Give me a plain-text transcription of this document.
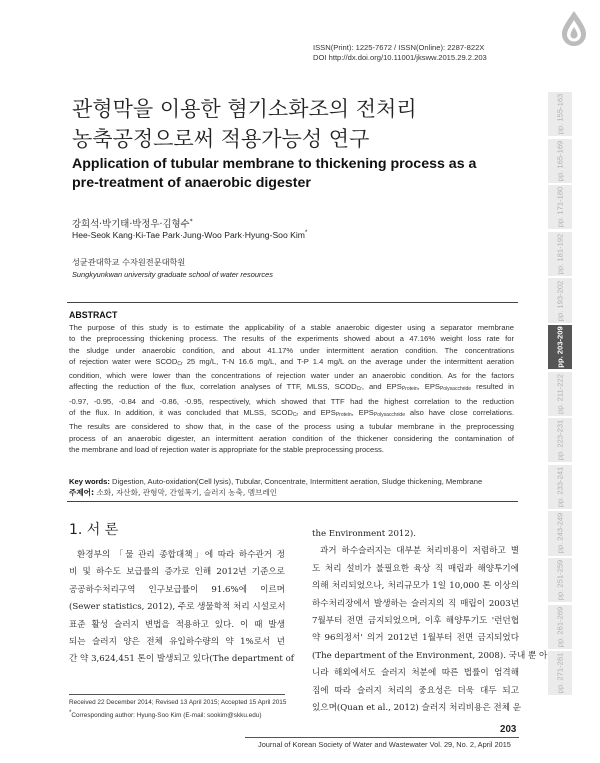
ISSN(Print): 1225-7672 / ISSN(Online): 2287-822X
DOI http://dx.doi.org/10.11001/jksww.2015.29.2.203
관형막을 이용한 혐기소화조의 전처리
농축공정으로써 적용가능성 연구
Application of tubular membrane to thickening process as a
pre-treatment of anaerobic digester
강희석·박기태·박정우·김형수*
Hee-Seok Kang·Ki-Tae Park·Jung-Woo Park·Hyung-Soo Kim*
성균관대학교 수자원전문대학원
Sungkyunkwan university graduate school of water resources
ABSTRACT
The purpose of this study is to estimate the applicability of a stable anaerobic digester using a separator membrane
to the preprocessing thickening process. The results of the experiments showed about a 47.16% weight loss rate for
the sludge under anaerobic condition, and about 41.17% under intermittent aeration condition. The concentrations
of rejection water were $SCOD_{Cr}$ 25 mg/L, T-N 16.6 mg/L, and T-P 1.4 mg/L on the average under the intermittent aeration
condition, which were lower than the concentrations of rejection water under an anaerobic condition. As for the factors
affecting the reduction of the flux, correlation analyses of TTF, MLSS, $SCOD_{Cr}$, and $EPS_{Protein}$, $EPS_{Polysacchride}$ resulted in
-0.97, -0.95, -0.84 and -0.86, -0.95, respectively, which showed that TTF had the highest correlation to the reduction
of the flux. In addition, it was concluded that MLSS, $SCOD_{Cr}$ and $EPS_{Protein}$, $EPS_{Polysacchride}$ also have close correlations.
The results are considered to show that, in the case of the process using a tubular membrane in the preprocessing
process of an anaerobic digester, an intermittent aeration condition of the thickener considering the contamination of
the membrane and load of rejection water is appropriate for the stable preprocessing process.
Key words: Digestion, Auto-oxidation(Cell lysis), Tubular, Concentrate, Intermittent aeration, Sludge thickening, Membrane
주제어: 소화, 자산화, 관형막, 간헐폭기, 슬러지 농축, 멤브레인
1. 서 론
환경부의 「물 관리 종합대책」에 따라 하수관거 정
비 및 하수도 보급률의 증가로 인해 2012년 기준으로
공공하수처리구역 인구보급률이 91.6%에 이르며
(Sewer statistics, 2012), 주로 생물학적 처리 시설로서
표준 활성 슬러지 변법을 적용하고 있다. 이 때 발생
되는 슬러지 양은 전체 유입하수량의 약 1%로서 년
간 약 3,624,451 톤이 발생되고 있다(The department of
the Environment 2012).
과거 하수슬러지는 대부분 처리비용이 저렴하고 별
도 처리 설비가 불필요한 육상 직 매립과 해양투기에
의해 처리되었으나, 처리규모가 1일 10,000 톤 이상의
하수처리장에서 발생하는 슬러지의 직 매립이 2003년
7월부터 전면 금지되었으며, 이후 해양투기도 '런던협
약 96의정서' 의거 2012년 1월부터 전면 금지되었다
(The department of the Environment, 2008). 국내 뿐 아
니라 해외에서도 슬러지 처분에 따른 법률이 엄격해
짐에 따라 슬러지 처리의 중요성은 더욱 대두 되고
있으며(Quan et al., 2012) 슬러지 처리비용은 전체 운
Received 22 December 2014; Revised 13 April 2015; Accepted 15 April 2015
*Corresponding author: Hyung-Soo Kim (E-mail: sookim@skku.edu)
203
Journal of Korean Society of Water and Wastewater Vol. 29, No. 2, April 2015
pp. 155-163
pp. 165-169
pp. 171-180
pp. 181-192
pp. 193-202
pp. 203-209
pp. 211-222
pp. 223-231
pp. 233-241
pp. 243-249
pp. 251-259
pp. 261-269
pp. 271-281
